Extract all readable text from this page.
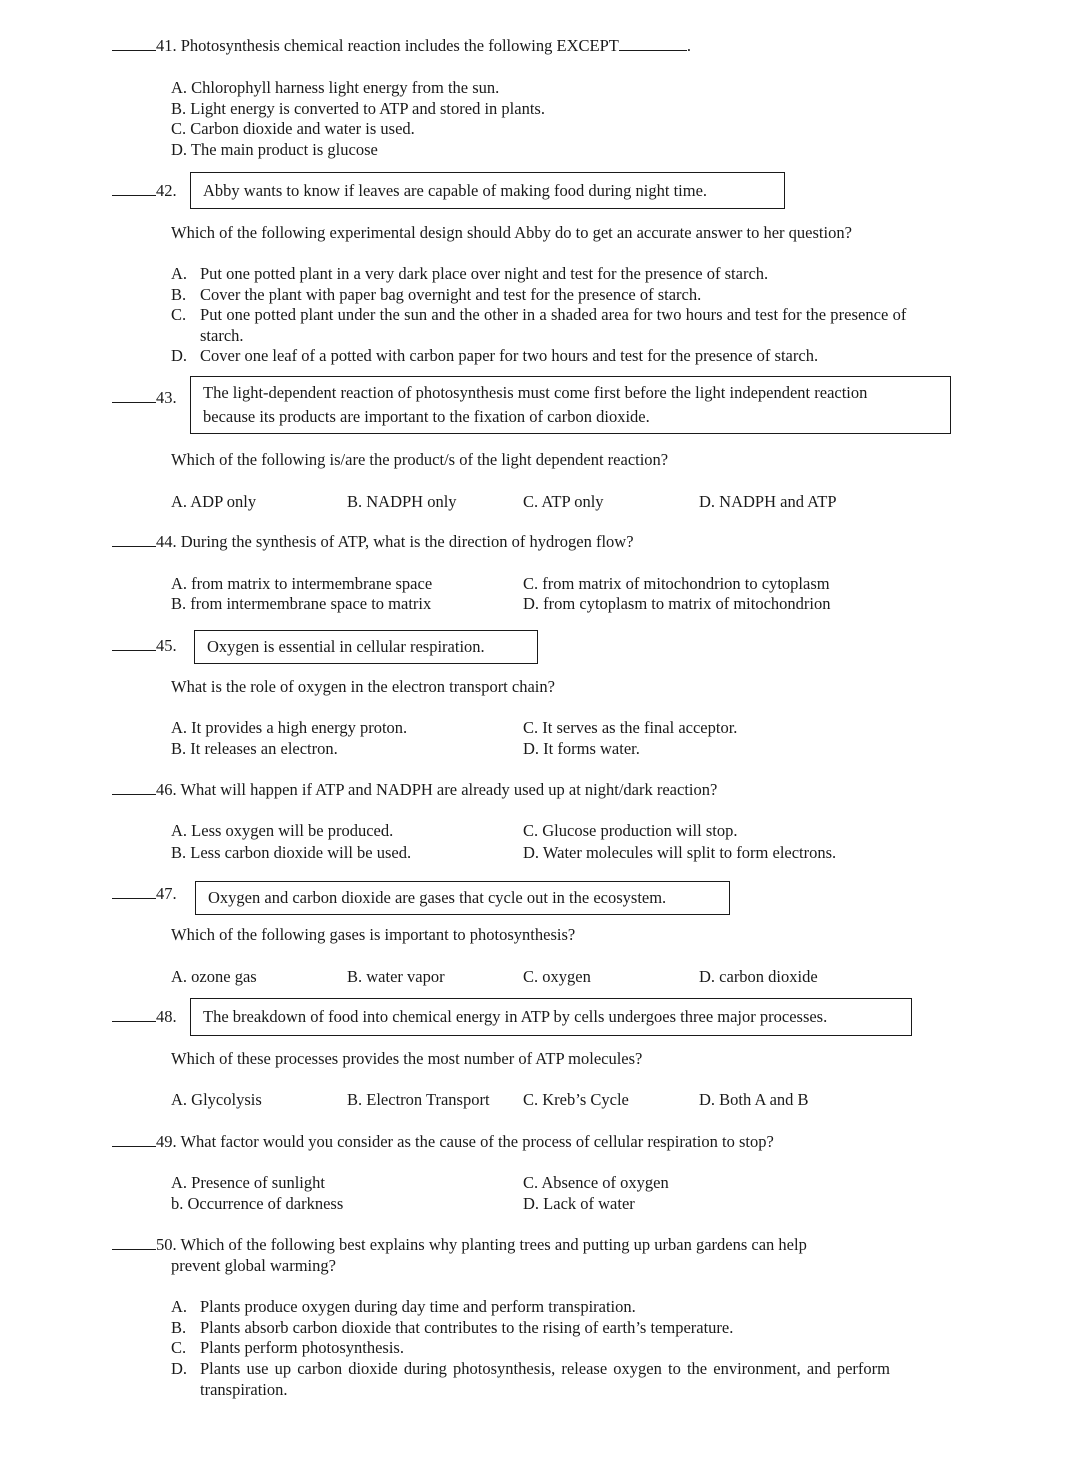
41. Photosynthesis chemical reaction includes the following EXCEPT	.
A. Chlorophyll harness light energy from the sun.
B. Light energy is converted to ATP and stored in plants.
C. Carbon dioxide and water is used.
D. The main product is glucose
42.	Abby wants to know if leaves are capable of making food during night time.
Which of the following experimental design should Abby do to get an accurate answer to her question?
A. Put one potted plant in a very dark place over night and test for the presence of starch.
B. Cover the plant with paper bag overnight and test for the presence of starch.
C. Put one potted plant under the sun and the other in a shaded area for two hours and test for the presence of
starch.
D. Cover one leaf of a potted with carbon paper for two hours and test for the presence of starch.
43. The light-dependent reaction of photosynthesis must come first before the light independent reaction
because its products are important to the fixation of carbon dioxide.
Which of the following is/are the product/s of the light dependent reaction?
A. ADP only	B. NADPH only	C. ATP only	D. NADPH and ATP
44. During the synthesis of ATP, what is the direction of hydrogen flow?
A. from matrix to intermembrane space	C. from matrix of mitochondrion to cytoplasm
B. from intermembrane space to matrix	D. from cytoplasm to matrix of mitochondrion
45.	Oxygen is essential in cellular respiration.
What is the role of oxygen in the electron transport chain?
A. It provides a high energy proton.	C. It serves as the final acceptor.
B. It releases an electron.	D. It forms water.
46. What will happen if ATP and NADPH are already used up at night/dark reaction?
A. Less oxygen will be produced.	C. Glucose production will stop.
B. Less carbon dioxide will be used.	D. Water molecules will split to form electrons.
47.	Oxygen and carbon dioxide are gases that cycle out in the ecosystem.
Which of the following gases is important to photosynthesis?
A. ozone gas	B. water vapor	C. oxygen	D. carbon dioxide
48.	The breakdown of food into chemical energy in ATP by cells undergoes three major processes.
Which of these processes provides the most number of ATP molecules?
A. Glycolysis	B. Electron Transport C. Kreb’s Cycle	D. Both A and B
49. What factor would you consider as the cause of the process of cellular respiration to stop?
A. Presence of sunlight	C. Absence of oxygen
b. Occurrence of darkness	D. Lack of water
50. Which of the following best explains why planting trees and putting up urban gardens can help
prevent global warming?
A. Plants produce oxygen during day time and perform transpiration.
B. Plants absorb carbon dioxide that contributes to the rising of earth’s temperature.
C. Plants perform photosynthesis.
D. Plants use up carbon dioxide during photosynthesis, release oxygen to the environment, and perform
transpiration.
